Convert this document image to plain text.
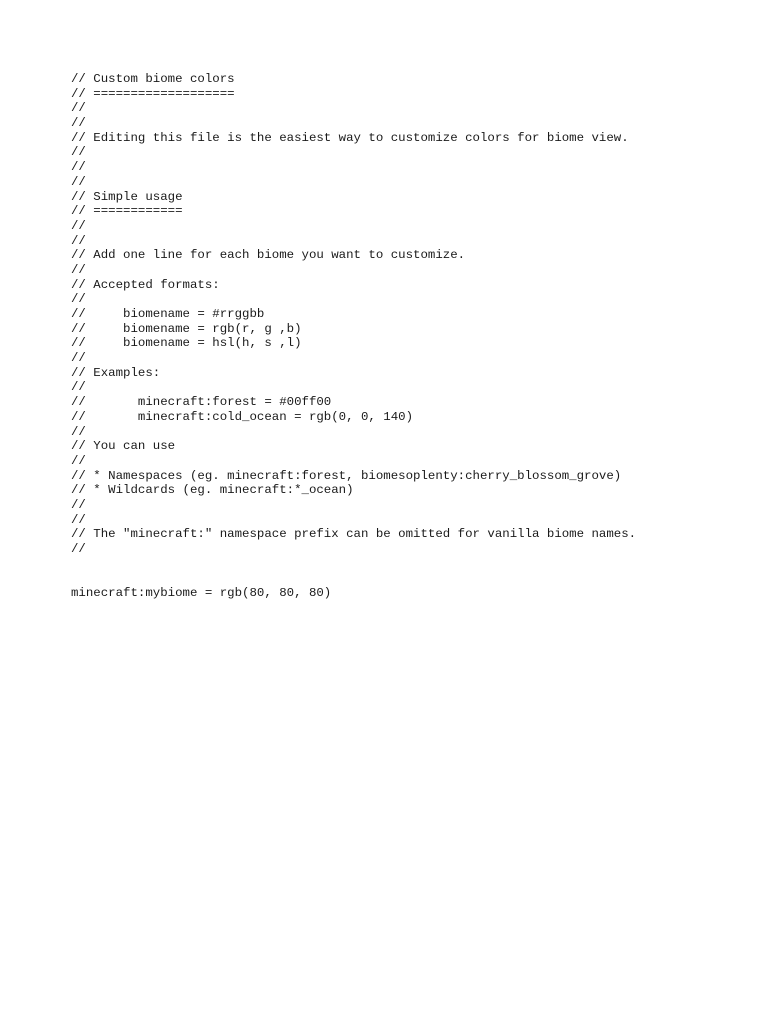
// Custom biome colors
// ===================
//
//
// Editing this file is the easiest way to customize colors for biome view.
//
//
//
// Simple usage
// ============
//
//
// Add one line for each biome you want to customize.
//
// Accepted formats:
//
//     biomename = #rrggbb
//     biomename = rgb(r, g ,b)
//     biomename = hsl(h, s ,l)
//
// Examples:
//
//       minecraft:forest = #00ff00
//       minecraft:cold_ocean = rgb(0, 0, 140)
//
// You can use
//
// * Namespaces (eg. minecraft:forest, biomesoplenty:cherry_blossom_grove)
// * Wildcards (eg. minecraft:*_ocean)
//
//
// The "minecraft:" namespace prefix can be omitted for vanilla biome names.
//
minecraft:mybiome = rgb(80, 80, 80)
